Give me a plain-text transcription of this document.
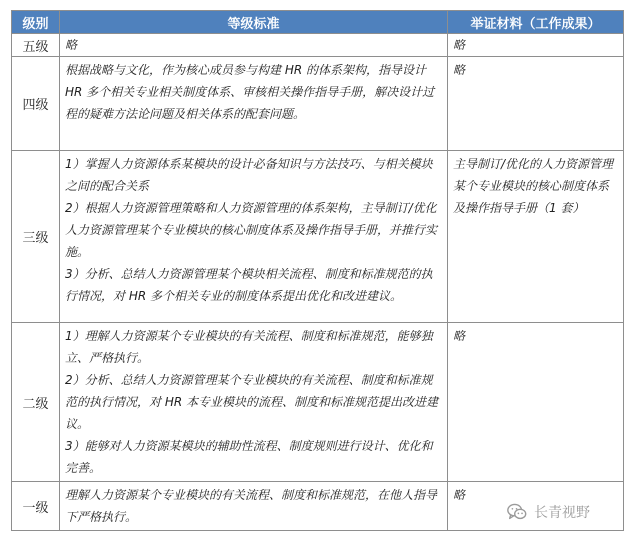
级别	等级标准	举证材料（工作成果）
五级	略	略
四级	根据战略与文化，作为核心成员参与构建 HR 的体系架构，指导设计 HR 多个相关专业相关制度体系、审核相关操作指导手册，解决设计过程的疑难方法论问题及相关体系的配套问题。	略
三级	1）掌握人力资源体系某模块的设计必备知识与方法技巧、与相关模块之间的配合关系

2）根据人力资源管理策略和人力资源管理的体系架构，主导制订/优化人力资源管理某个专业模块的核心制度体系及操作指导手册，并推行实施。

3）分析、总结人力资源管理某个模块相关流程、制度和标准规范的执行情况，对 HR 多个相关专业的制度体系提出优化和改进建议。	主导制订/优化的人力资源管理某个专业模块的核心制度体系及操作指导手册（1 套）
二级	1）理解人力资源某个专业模块的有关流程、制度和标准规范，能够独立、严格执行。

2）分析、总结人力资源管理某个专业模块的有关流程、制度和标准规范的执行情况，对 HR 本专业模块的流程、制度和标准规范提出改进建议。

3）能够对人力资源某模块的辅助性流程、制度规则进行设计、优化和完善。	略
一级	理解人力资源某个专业模块的有关流程、制度和标准规范，在他人指导下严格执行。	略
长青视野
